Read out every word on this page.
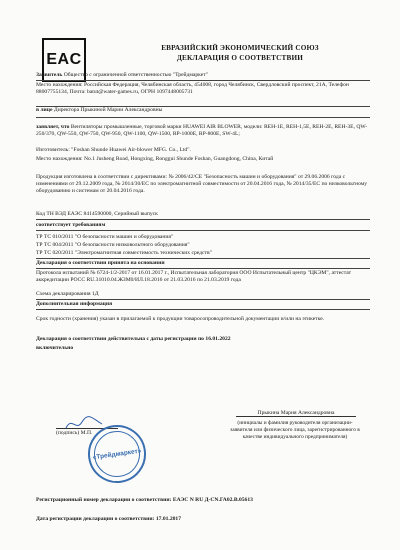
EAC
ЕВРАЗИЙСКИЙ ЭКОНОМИЧЕСКИЙ СОЮЗ
ДЕКЛАРАЦИЯ О СООТВЕТСТВИИ
Заявитель Общество с ограниченной ответственностью "Трейдмаркет"
Место нахождения: Российская Федерация, Челябинская область, 454008, город Челябинск, Свердловский проспект, 21А, Телефон 88007755134, Почта: batut@water-games.ru, ОГРН 1097448005731
в лице Директора Прыкиной Марии Александровны
заявляет, что Вентиляторы промышленные, торговой марки HUAWEI AIR BLOWER, модели: REH-1E, REH-1,5E, REH-2E, REH-3E, QW-250/370, QW-550, QW-750, QW-950, QW-1100, QW-1500, RP-1000E, RP-800E, SW-4L;
Изготовитель: "Foshan Shunde Huawei Air-blower MFG. Co., Ltd".
Место нахождения: No.1 Jusheng Road, Hongxing, Ronggui Shunde Foshan, Guangdong, China, Китай
Продукция изготовлена в соответствии с директивами: № 2006/42/CE "Безопасность машин и оборудования" от 29.06.2006 года с изменениями от 29.12.2009 года, № 2014/30/EC по электромагнитной совместимости от 20.04.2016 года, № 2014/35/EC по низковольтному оборудованию и системам от 20.04.2016 года.
Код ТН ВЭД ЕАЭС 8414590000, Серийный выпуск
соответствует требованиям
ТР ТС 010/2011 "О безопасности машин и оборудования"
ТР ТС 004/2011 "О безопасности низковольтного оборудования"
ТР ТС 020/2011 "Электромагнитная совместимость технических средств"
Декларация о соответствии принята на основании
Протокола испытаний № 6724-1/2-2017 от 16.01.2017 г., Испытательная лаборатория ООО Испытательный центр "ЦКЭМ", аттестат аккредитации РОСС RU.31010.04.ЖЗМ0/ИЛ.18.2016 от 21.03.2016 по 21.03.2019 года
Схема декларирования 1Д
Дополнительная информация
Срок годности (хранения) указан в прилагаемой к продукции товаросопроводительной документации и/или на этикетке.
Декларация о соответствии действительна с даты регистрации по 16.01.2022
включительно
(подпись) М.П.
«Трейдмаркет»
Прыкина Мария Александровна
(инициалы и фамилия руководителя организации-заявителя или физического лица, зарегистрированного в качестве индивидуального предпринимателя)
Регистрационный номер декларации о соответствии: ЕАЭС N RU Д-CN.ГА02.В.05613
Дата регистрации декларации о соответствии: 17.01.2017
